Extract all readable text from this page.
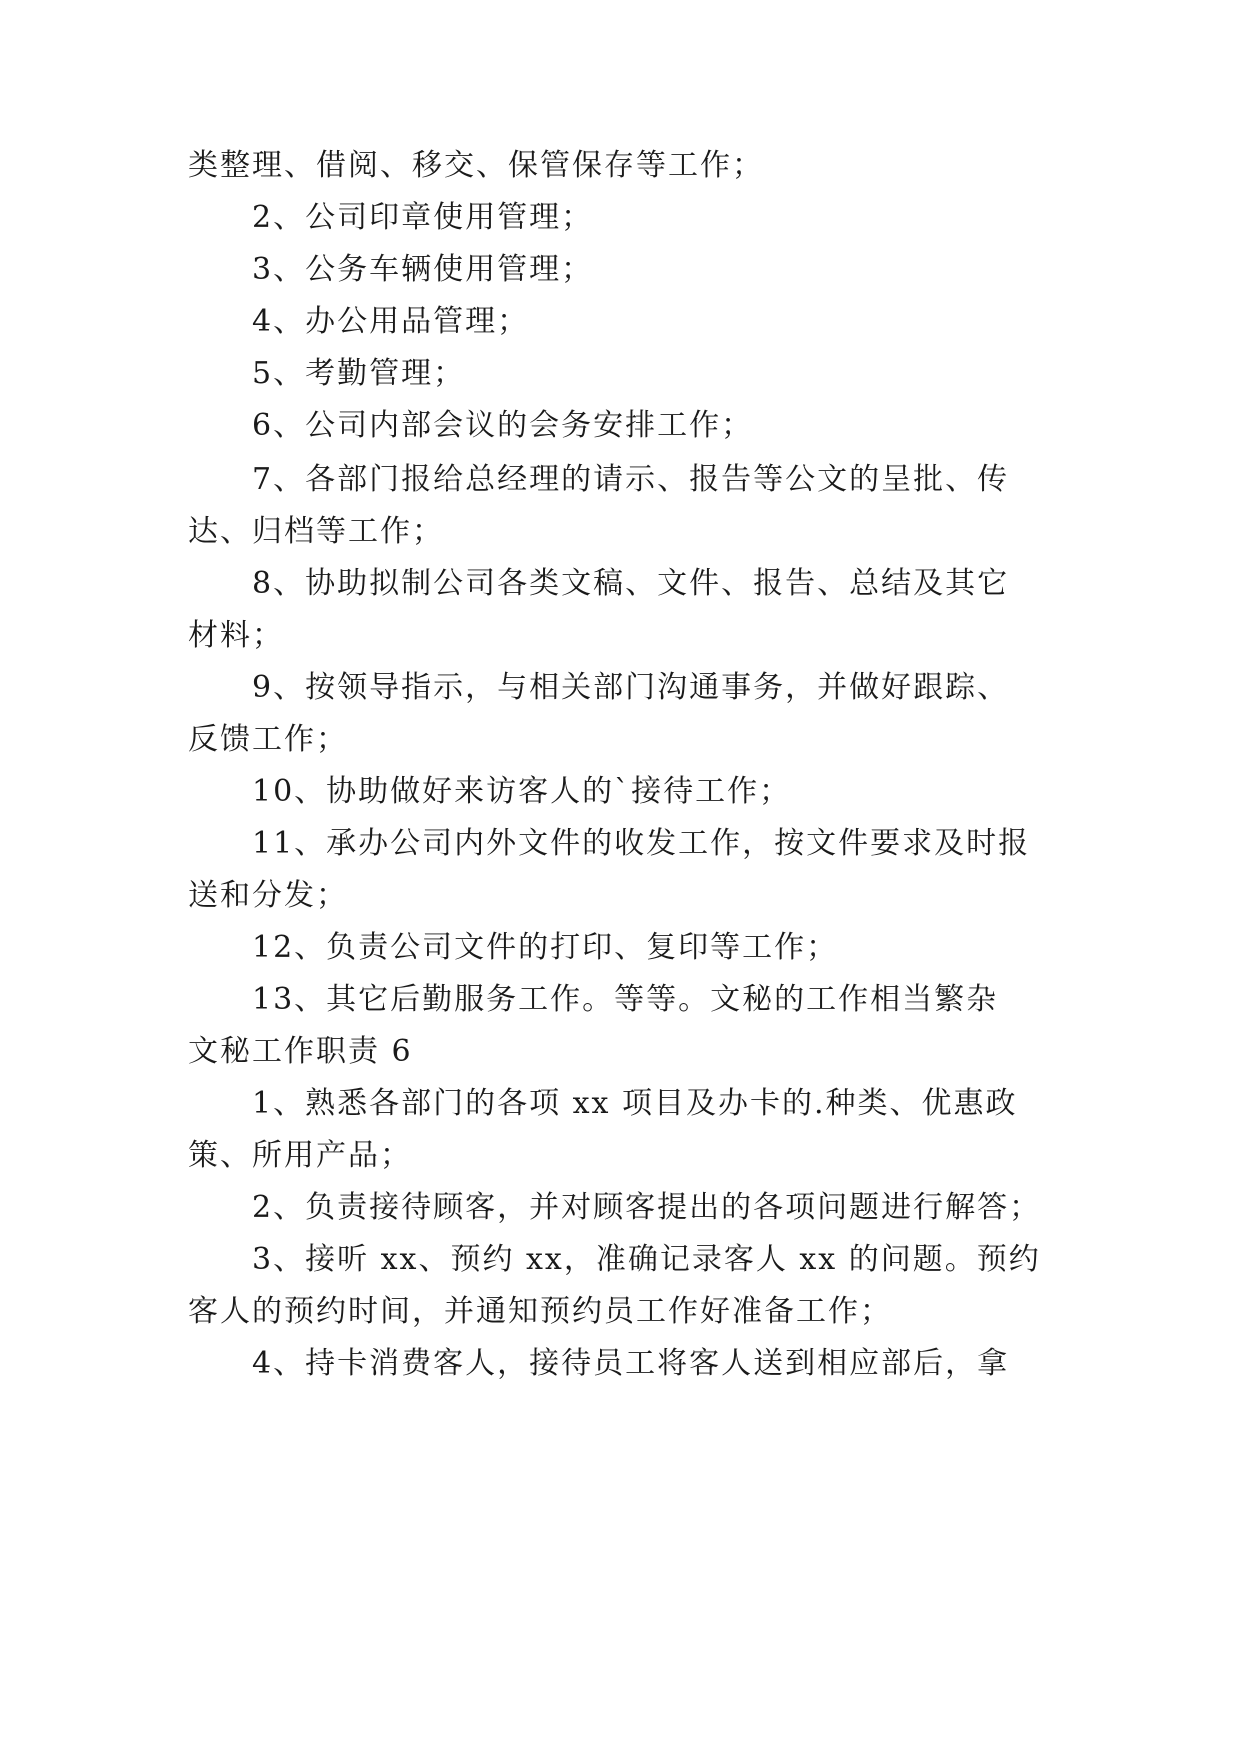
类整理、借阅、移交、保管保存等工作；
2、公司印章使用管理；
3、公务车辆使用管理；
4、办公用品管理；
5、考勤管理；
6、公司内部会议的会务安排工作；
7、各部门报给总经理的请示、报告等公文的呈批、传
达、归档等工作；
8、协助拟制公司各类文稿、文件、报告、总结及其它
材料；
9、按领导指示，与相关部门沟通事务，并做好跟踪、
反馈工作；
10、协助做好来访客人的`接待工作；
11、承办公司内外文件的收发工作，按文件要求及时报
送和分发；
12、负责公司文件的打印、复印等工作；
13、其它后勤服务工作。等等。文秘的工作相当繁杂
文秘工作职责 6
1、熟悉各部门的各项 xx 项目及办卡的.种类、优惠政
策、所用产品；
2、负责接待顾客，并对顾客提出的各项问题进行解答；
3、接听 xx、预约 xx，准确记录客人 xx 的问题。预约
客人的预约时间，并通知预约员工作好准备工作；
4、持卡消费客人，接待员工将客人送到相应部后，拿
